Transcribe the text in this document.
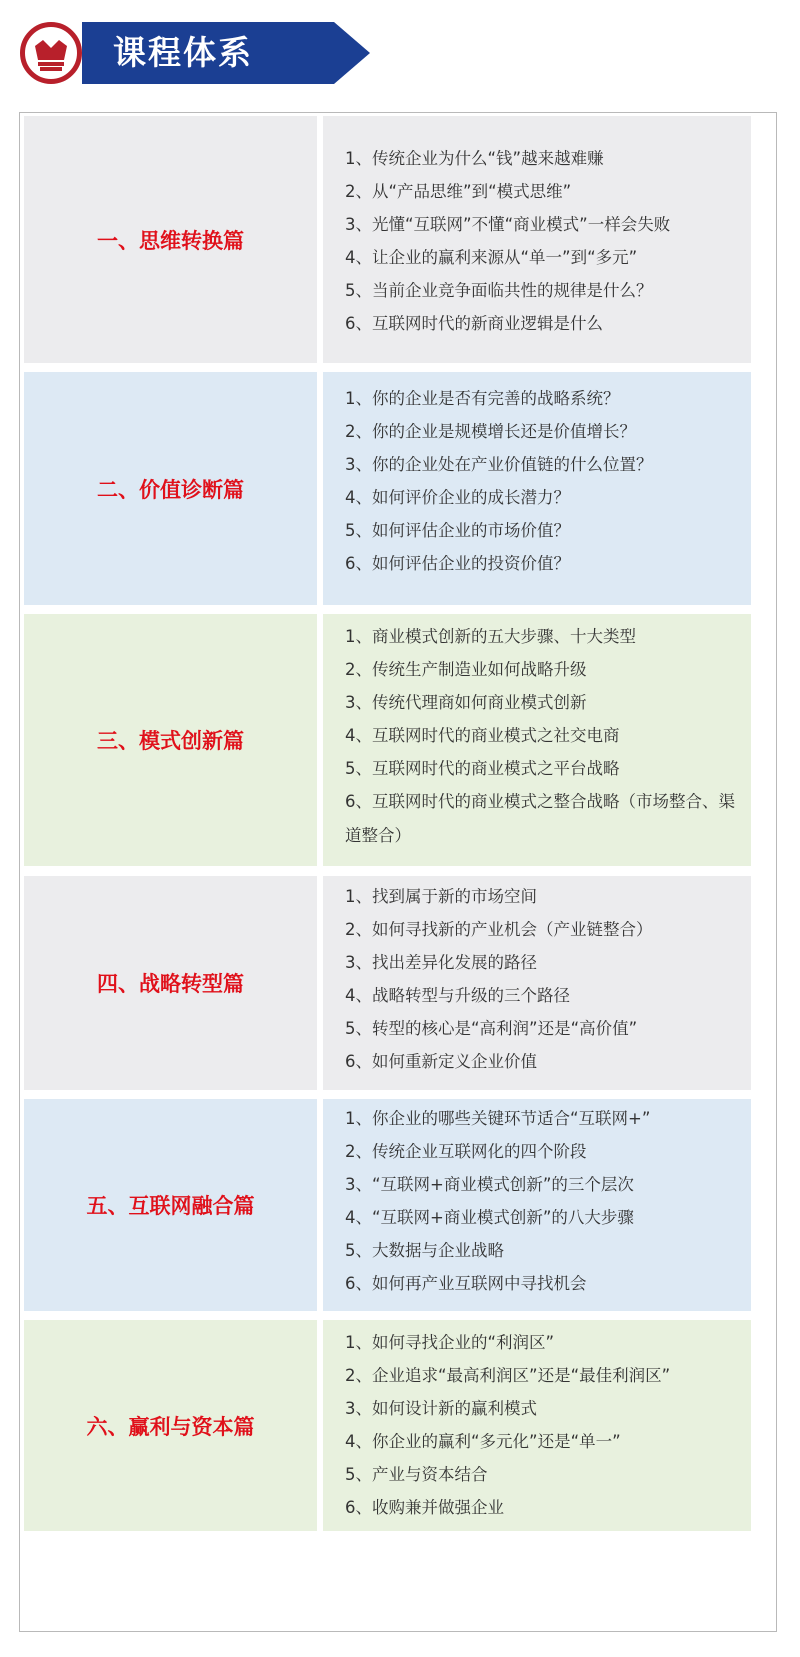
课程体系
一、思维转换篇
1、传统企业为什么“钱”越来越难赚
2、从“产品思维”到“模式思维”
3、光懂“互联网”不懂“商业模式”一样会失败
4、让企业的赢利来源从“单一”到“多元”
5、当前企业竞争面临共性的规律是什么？
6、互联网时代的新商业逻辑是什么
二、价值诊断篇
1、你的企业是否有完善的战略系统？
2、你的企业是规模增长还是价值增长？
3、你的企业处在产业价值链的什么位置？
4、如何评价企业的成长潜力？
5、如何评估企业的市场价值？
6、如何评估企业的投资价值？
三、模式创新篇
1、商业模式创新的五大步骤、十大类型
2、传统生产制造业如何战略升级
3、传统代理商如何商业模式创新
4、互联网时代的商业模式之社交电商
5、互联网时代的商业模式之平台战略
6、互联网时代的商业模式之整合战略（市场整合、渠道整合）
四、战略转型篇
1、找到属于新的市场空间
2、如何寻找新的产业机会（产业链整合）
3、找出差异化发展的路径
4、战略转型与升级的三个路径
5、转型的核心是“高利润”还是“高价值”
6、如何重新定义企业价值
五、互联网融合篇
1、你企业的哪些关键环节适合“互联网+”
2、传统企业互联网化的四个阶段
3、“互联网+商业模式创新”的三个层次
4、“互联网+商业模式创新”的八大步骤
5、大数据与企业战略
6、如何再产业互联网中寻找机会
六、赢利与资本篇
1、如何寻找企业的“利润区”
2、企业追求“最高利润区”还是“最佳利润区”
3、如何设计新的赢利模式
4、你企业的赢利“多元化”还是“单一”
5、产业与资本结合
6、收购兼并做强企业
